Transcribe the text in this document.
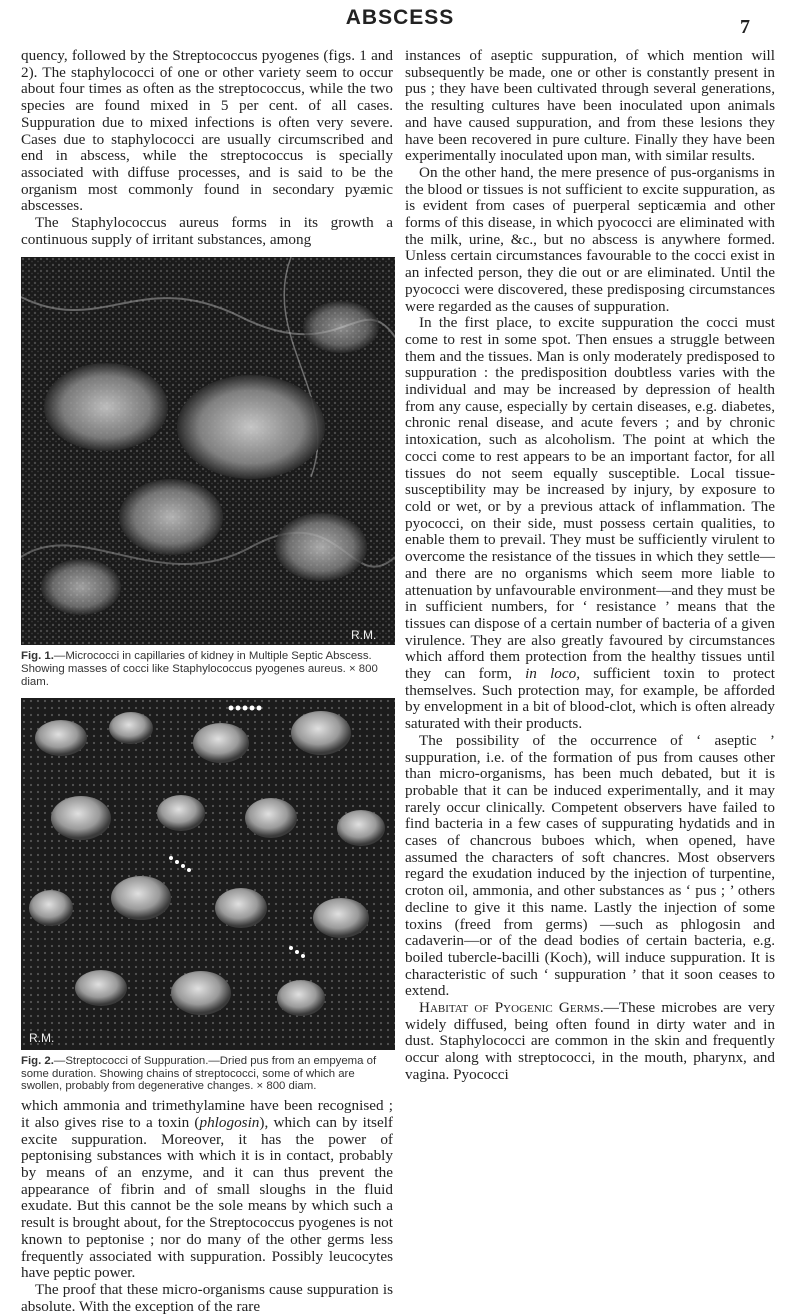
ABSCESS	7

quency, followed by the Streptococcus pyogenes (figs. 1 and 2). The staphylococci of one or other variety seem to occur about four times as often as the streptococcus, while the two species are found mixed in 5 per cent. of all cases. Suppuration due to mixed infections is often very severe. Cases due to staphylococci are usually circumscribed and end in abscess, while the streptococcus is specially associated with diffuse processes, and is said to be the organism most commonly found in secondary pyæmic abscesses.

The Staphylococcus aureus forms in its growth a continuous supply of irritant substances, among

R.M.
Fig. 1.—Micrococci in capillaries of kidney in Multiple Septic Abscess. Showing masses of cocci like Staphylococcus pyogenes aureus. × 800 diam.
R.M.
Fig. 2.—Streptococci of Suppuration.—Dried pus from an empyema of some duration. Showing chains of streptococci, some of which are swollen, probably from degenerative changes. × 800 diam.

which ammonia and trimethylamine have been recognised ; it also gives rise to a toxin (phlogosin), which can by itself excite suppuration. Moreover, it has the power of peptonising substances with which it is in contact, probably by means of an enzyme, and it can thus prevent the appearance of fibrin and of small sloughs in the fluid exudate. But this cannot be the sole means by which such a result is brought about, for the Streptococcus pyogenes is not known to peptonise ; nor do many of the other germs less frequently associated with suppuration. Possibly leucocytes have peptic power.

The proof that these micro-organisms cause suppuration is absolute. With the exception of the rare

instances of aseptic suppuration, of which mention will subsequently be made, one or other is constantly present in pus ; they have been cultivated through several generations, the resulting cultures have been inoculated upon animals and have caused suppuration, and from these lesions they have been recovered in pure culture. Finally they have been experimentally inoculated upon man, with similar results.

On the other hand, the mere presence of pus-organisms in the blood or tissues is not sufficient to excite suppuration, as is evident from cases of puerperal septicæmia and other forms of this disease, in which pyococci are eliminated with the milk, urine, &c., but no abscess is anywhere formed. Unless certain circumstances favourable to the cocci exist in an infected person, they die out or are eliminated. Until the pyococci were discovered, these predisposing circumstances were regarded as the causes of suppuration.

In the first place, to excite suppuration the cocci must come to rest in some spot. Then ensues a struggle between them and the tissues. Man is only moderately predisposed to suppuration : the predisposition doubtless varies with the individual and may be increased by depression of health from any cause, especially by certain diseases, e.g. diabetes, chronic renal disease, and acute fevers ; and by chronic intoxication, such as alcoholism. The point at which the cocci come to rest appears to be an important factor, for all tissues do not seem equally susceptible. Local tissue-susceptibility may be increased by injury, by exposure to cold or wet, or by a previous attack of inflammation. The pyococci, on their side, must possess certain qualities, to enable them to prevail. They must be sufficiently virulent to overcome the resistance of the tissues in which they settle—and there are no organisms which seem more liable to attenuation by unfavourable environment—and they must be in sufficient numbers, for ‘ resistance ’ means that the tissues can dispose of a certain number of bacteria of a given virulence. They are also greatly favoured by circumstances which afford them protection from the healthy tissues until they can form, in loco, sufficient toxin to protect themselves. Such protection may, for example, be afforded by envelopment in a bit of blood-clot, which is often already saturated with their products.

The possibility of the occurrence of ‘ aseptic ’ suppuration, i.e. of the formation of pus from causes other than micro-organisms, has been much debated, but it is probable that it can be induced experimentally, and it may rarely occur clinically. Competent observers have failed to find bacteria in a few cases of suppurating hydatids and in cases of chancrous buboes which, when opened, have assumed the characters of soft chancres. Most observers regard the exudation induced by the injection of turpentine, croton oil, ammonia, and other substances as ‘ pus ; ’ others decline to give it this name. Lastly the injection of some toxins (freed from germs) —such as phlogosin and cadaverin—or of the dead bodies of certain bacteria, e.g. boiled tubercle-bacilli (Koch), will induce suppuration. It is characteristic of such ‘ suppuration ’ that it soon ceases to extend.

Habitat of Pyogenic Germs.—These microbes are very widely diffused, being often found in dirty water and in dust. Staphylococci are common in the skin and frequently occur along with streptococci, in the mouth, pharynx, and vagina. Pyococci
